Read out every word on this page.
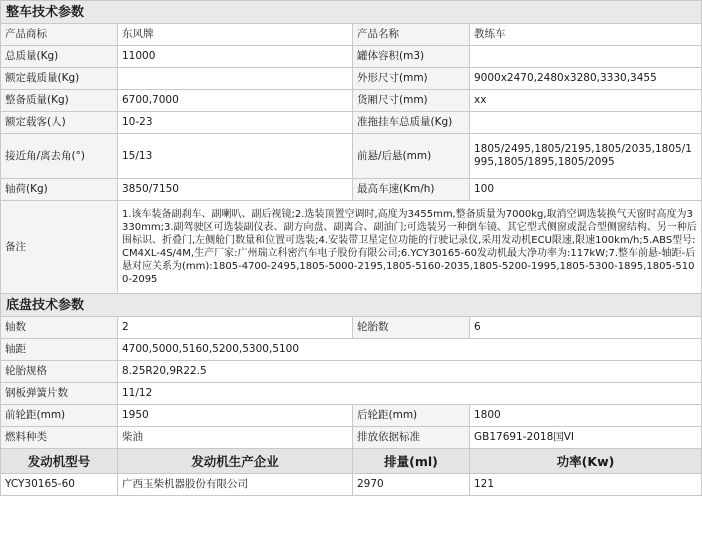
整车技术参数			
产品商标	东风牌	产品名称	教练车
总质量(Kg)	11000	罐体容积(m3)	
额定载质量(Kg)		外形尺寸(mm)	9000x2470,2480x3280,3330,3455
整备质量(Kg)	6700,7000	货厢尺寸(mm)	xx
额定载客(人)	10-23	准拖挂车总质量(Kg)	
接近角/离去角(°)	15/13	前悬/后悬(mm)	1805/2495,1805/2195,1805/2035,1805/1995,1805/1895,1805/2095
轴荷(Kg)	3850/7150	最高车速(Km/h)	100
备注	1.该车装备副刹车、副喇叭、副后视镜;2.选装顶置空调时,高度为3455mm,整备质量为7000kg,取消空调选装换气天窗时高度为3330mm;3.副驾驶区可选装副仪表、副方向盘、副离合、副油门;可选装另一种倒车镜、其它型式侧窗或混合型侧窗结构、另一种后围标识、折叠门,左侧舱门数量和位置可选装;4.安装带卫星定位功能的行驶记录仪,采用发动机ECU限速,限速100km/h;5.ABS型号:CM4XL-4S/4M,生产厂家:广州瑞立科密汽车电子股份有限公司;6.YCY30165-60发动机最大净功率为:117kW;7.整车前悬-轴距-后悬对应关系为(mm):1805-4700-2495,1805-5000-2195,1805-5160-2035,1805-5200-1995,1805-5300-1895,1805-5100-2095		
底盘技术参数			
轴数	2	轮胎数	6
轴距	4700,5000,5160,5200,5300,5100		
轮胎规格	8.25R20,9R22.5		
钢板弹簧片数	11/12		
前轮距(mm)	1950	后轮距(mm)	1800
燃料种类	柴油	排放依据标准	GB17691-2018国VI
发动机型号	发动机生产企业	排量(ml)	功率(Kw)
YCY30165-60	广西玉柴机器股份有限公司	2970	121
